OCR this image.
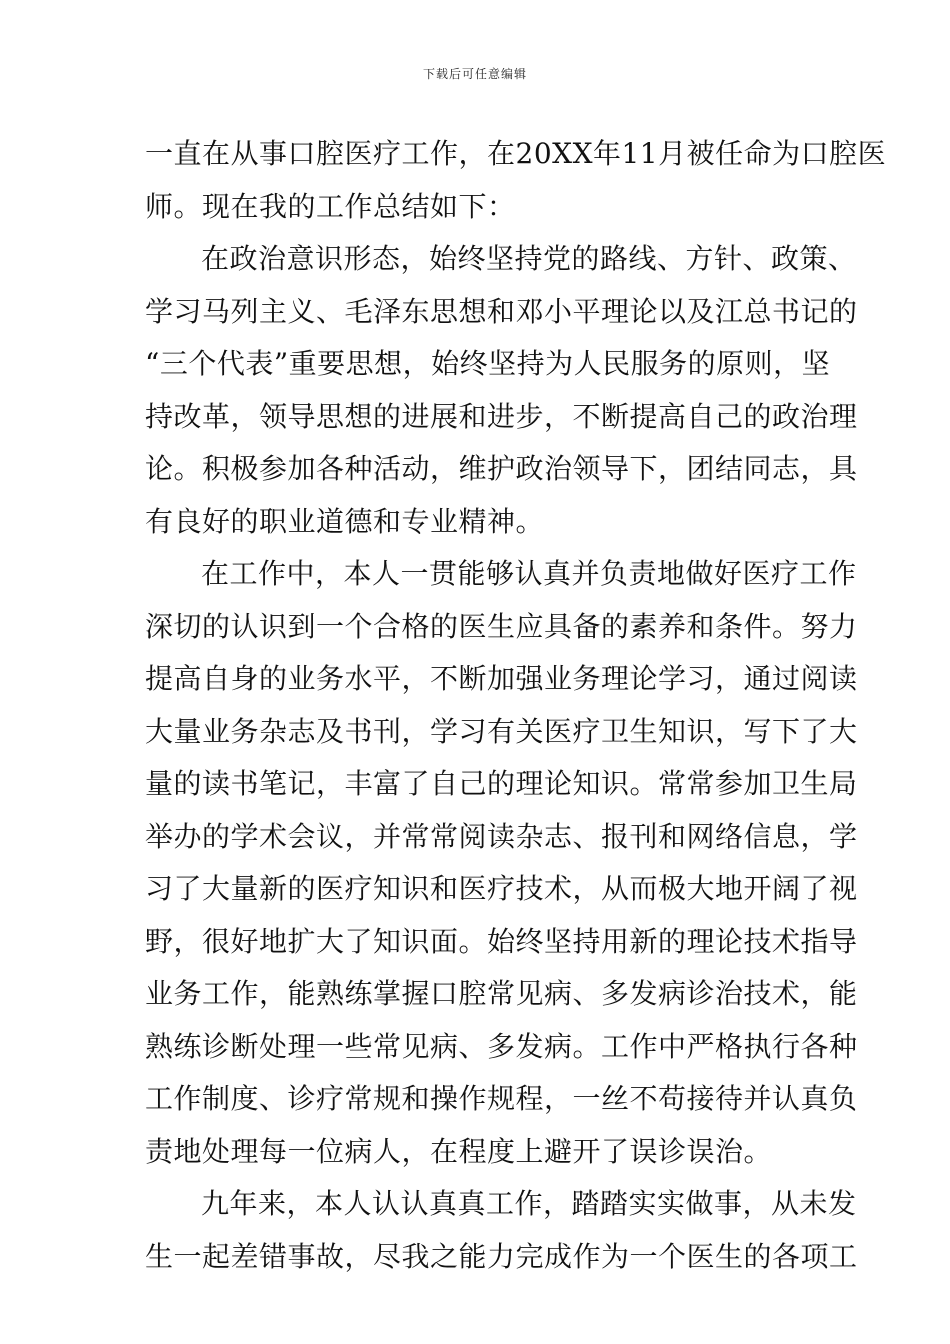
下载后可任意编辑
一直在从事口腔医疗工作，在20XX年11月被任命为口腔医
师。现在我的工作总结如下：
在政治意识形态，始终坚持党的路线、方针、政策、
学习马列主义、毛泽东思想和邓小平理论以及江总书记的
“三个代表”重要思想，始终坚持为人民服务的原则，坚
持改革，领导思想的进展和进步，不断提高自己的政治理
论。积极参加各种活动，维护政治领导下，团结同志，具
有良好的职业道德和专业精神。
在工作中，本人一贯能够认真并负责地做好医疗工作
深切的认识到一个合格的医生应具备的素养和条件。努力
提高自身的业务水平，不断加强业务理论学习，通过阅读
大量业务杂志及书刊，学习有关医疗卫生知识，写下了大
量的读书笔记，丰富了自己的理论知识。常常参加卫生局
举办的学术会议，并常常阅读杂志、报刊和网络信息，学
习了大量新的医疗知识和医疗技术，从而极大地开阔了视
野，很好地扩大了知识面。始终坚持用新的理论技术指导
业务工作，能熟练掌握口腔常见病、多发病诊治技术，能
熟练诊断处理一些常见病、多发病。工作中严格执行各种
工作制度、诊疗常规和操作规程，一丝不苟接待并认真负
责地处理每一位病人，在程度上避开了误诊误治。
九年来，本人认认真真工作，踏踏实实做事，从未发
生一起差错事故，尽我之能力完成作为一个医生的各项工
